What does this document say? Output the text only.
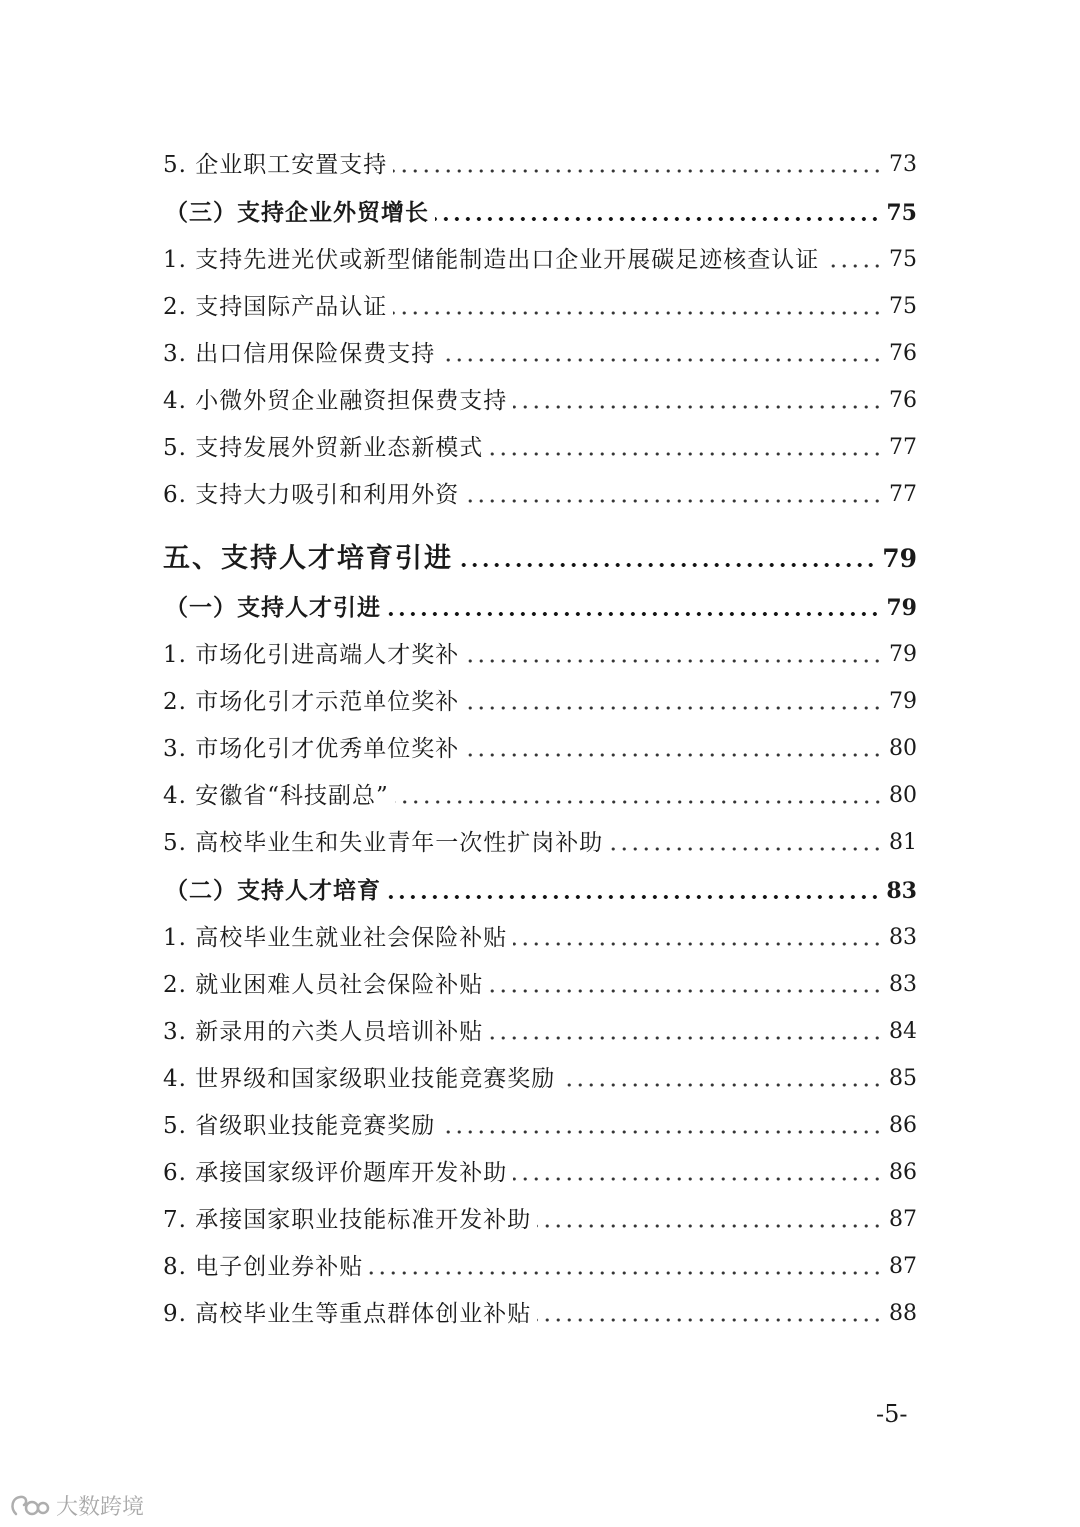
5. 企业职工安置支持	73
（三）支持企业外贸增长	75
1. 支持先进光伏或新型储能制造出口企业开展碳足迹核查认证	75
2. 支持国际产品认证	75
3. 出口信用保险保费支持	76
4. 小微外贸企业融资担保费支持	76
5. 支持发展外贸新业态新模式	77
6. 支持大力吸引和利用外资	77
五、支持人才培育引进	79
（一）支持人才引进	79
1. 市场化引进高端人才奖补	79
2. 市场化引才示范单位奖补	79
3. 市场化引才优秀单位奖补	80
4. 安徽省“科技副总”	80
5. 高校毕业生和失业青年一次性扩岗补助	81
（二）支持人才培育	83
1. 高校毕业生就业社会保险补贴	83
2. 就业困难人员社会保险补贴	83
3. 新录用的六类人员培训补贴	84
4. 世界级和国家级职业技能竞赛奖励	85
5. 省级职业技能竞赛奖励	86
6. 承接国家级评价题库开发补助	86
7. 承接国家职业技能标准开发补助	87
8. 电子创业券补贴	87
9. 高校毕业生等重点群体创业补贴	88
-5-
大数跨境
